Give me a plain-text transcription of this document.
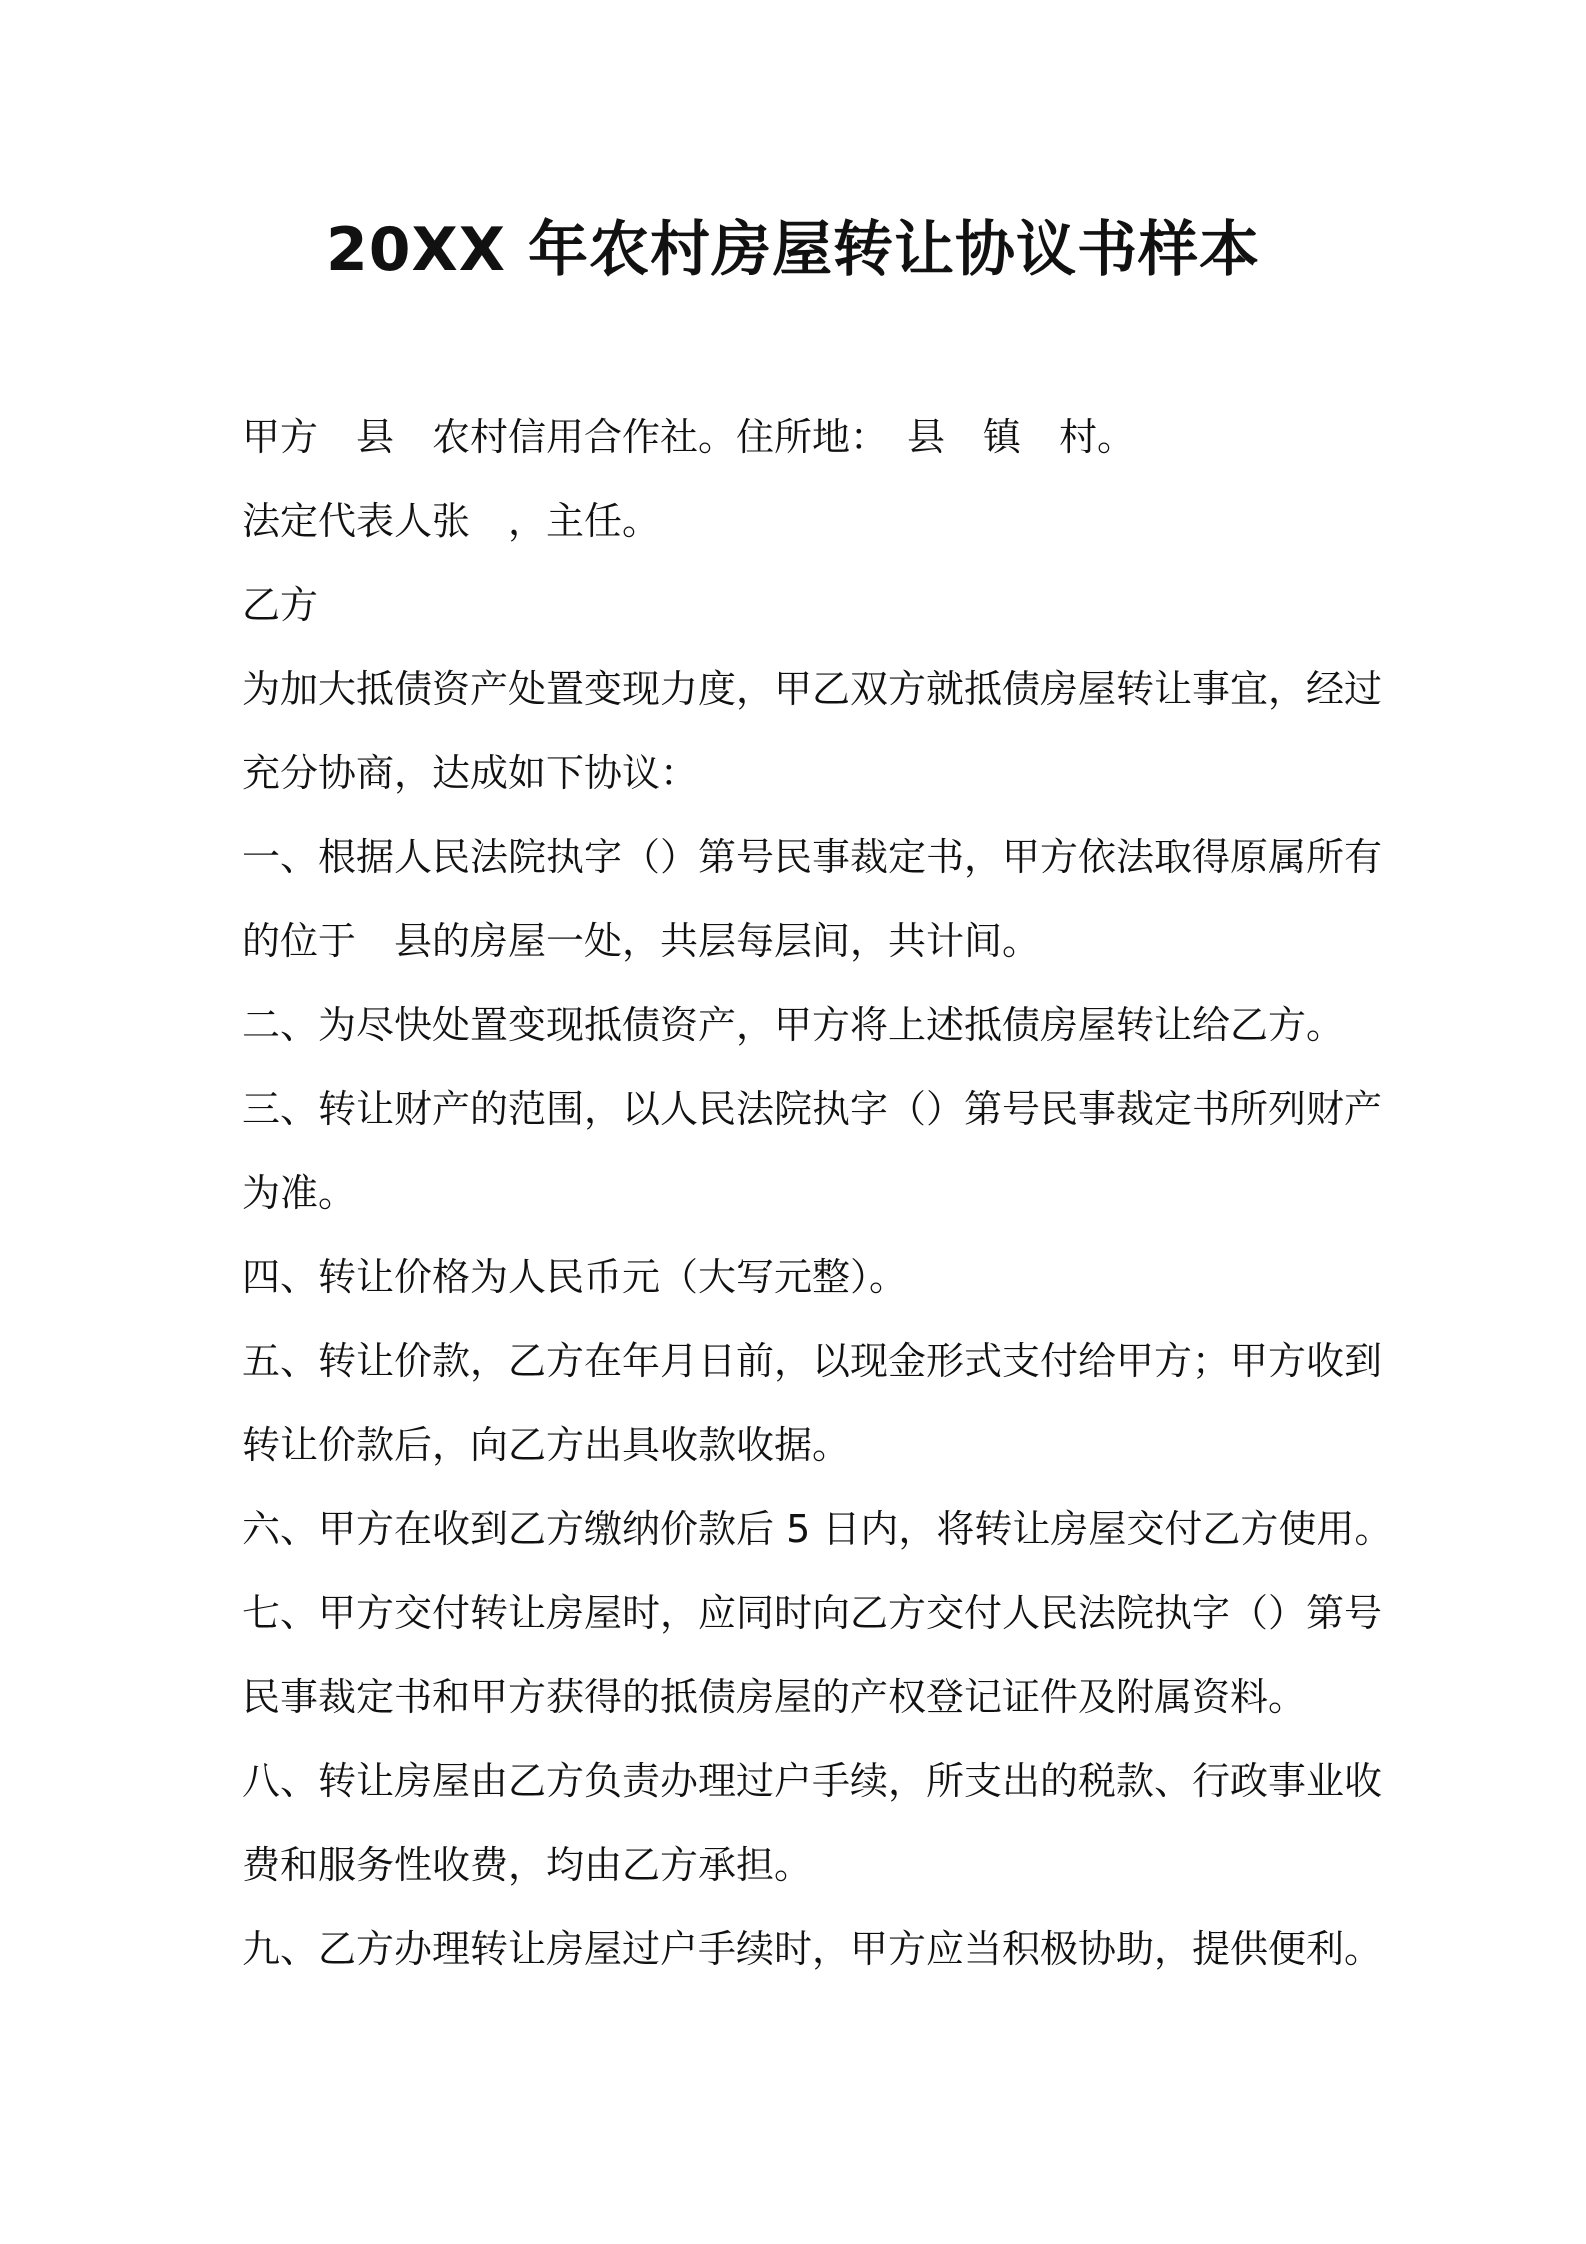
20XX 年农村房屋转让协议书样本
甲方　县　农村信用合作社。住所地：　县　镇　村。
法定代表人张　，主任。
乙方
为加大抵债资产处置变现力度，甲乙双方就抵债房屋转让事宜，经过
充分协商，达成如下协议：
一、根据人民法院执字（）第号民事裁定书，甲方依法取得原属所有
的位于　县的房屋一处，共层每层间，共计间。
二、为尽快处置变现抵债资产，甲方将上述抵债房屋转让给乙方。
三、转让财产的范围，以人民法院执字（）第号民事裁定书所列财产
为准。
四、转让价格为人民币元（大写元整）。
五、转让价款，乙方在年月日前，以现金形式支付给甲方；甲方收到
转让价款后，向乙方出具收款收据。
六、甲方在收到乙方缴纳价款后 5 日内，将转让房屋交付乙方使用。
七、甲方交付转让房屋时，应同时向乙方交付人民法院执字（）第号
民事裁定书和甲方获得的抵债房屋的产权登记证件及附属资料。
八、转让房屋由乙方负责办理过户手续，所支出的税款、行政事业收
费和服务性收费，均由乙方承担。
九、乙方办理转让房屋过户手续时，甲方应当积极协助，提供便利。
